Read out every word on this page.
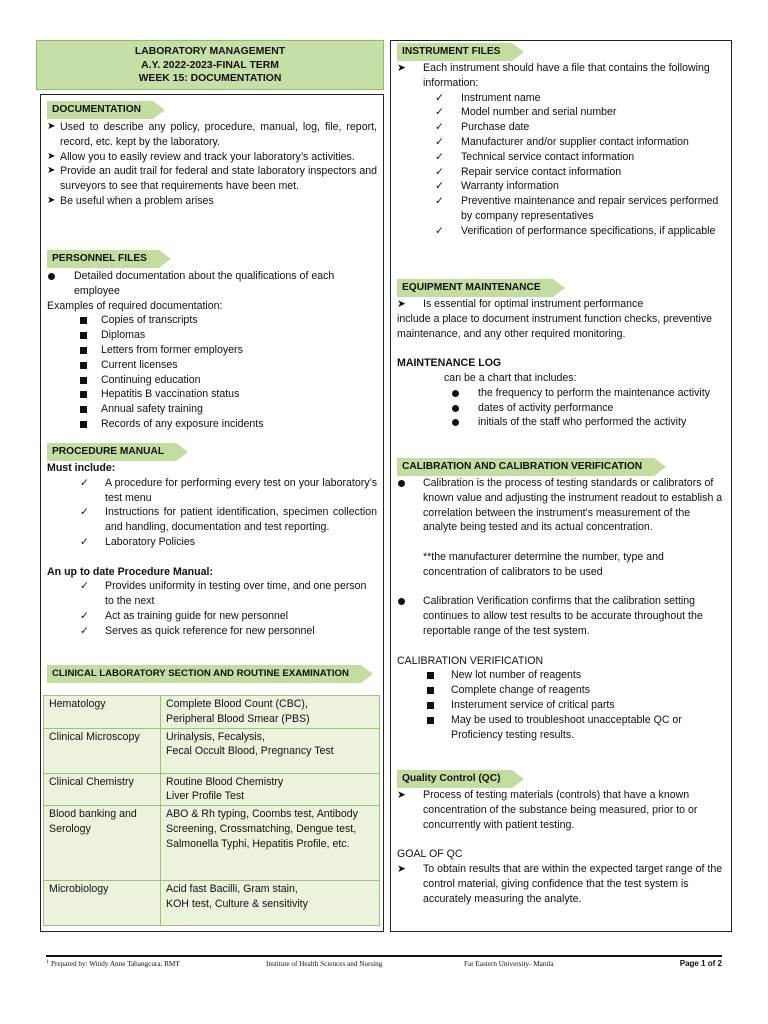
LABORATORY MANAGEMENT
A.Y. 2022-2023-FINAL TERM
WEEK 15: DOCUMENTATION
DOCUMENTATION
➤ Used to describe any policy, procedure, manual, log, file, report, record, etc. kept by the laboratory.
➤ Allow you to easily review and track your laboratory’s activities.
➤ Provide an audit trail for federal and state laboratory inspectors and surveyors to see that requirements have been met.
➤ Be useful when a problem arises
PERSONNEL FILES
Detailed documentation about the qualifications of each employee
Examples of required documentation:
Copies of transcripts
Diplomas
Letters from former employers
Current licenses
Continuing education
Hepatitis B vaccination status
Annual safety training
Records of any exposure incidents
PROCEDURE MANUAL
Must include:
✓ A procedure for performing every test on your laboratory’s test menu
✓ Instructions for patient identification, specimen collection and handling, documentation and test reporting.
✓ Laboratory Policies
An up to date Procedure Manual:
✓ Provides uniformity in testing over time, and one person to the next
✓ Act as training guide for new personnel
✓ Serves as quick reference for new personnel
CLINICAL LABORATORY SECTION AND ROUTINE EXAMINATION
Hematology	Complete Blood Count (CBC),
Peripheral Blood Smear (PBS)
Clinical Microscopy	Urinalysis, Fecalysis,
Fecal Occult Blood, Pregnancy Test
Clinical Chemistry	Routine Blood Chemistry
Liver Profile Test
Blood banking and Serology	ABO & Rh typing, Coombs test, Antibody Screening, Crossmatching, Dengue test, Salmonella Typhi, Hepatitis Profile, etc.
Microbiology	Acid fast Bacilli, Gram stain,
KOH test, Culture & sensitivity
INSTRUMENT FILES
➤ Each instrument should have a file that contains the following information:
✓ Instrument name
✓ Model number and serial number
✓ Purchase date
✓ Manufacturer and/or supplier contact information
✓ Technical service contact information
✓ Repair service contact information
✓ Warranty information
✓ Preventive maintenance and repair services performed by company representatives
✓ Verification of performance specifications, if applicable
EQUIPMENT MAINTENANCE
➤ Is essential for optimal instrument performance
include a place to document instrument function checks, preventive maintenance, and any other required monitoring.
MAINTENANCE LOG
can be a chart that includes:
the frequency to perform the maintenance activity
dates of activity performance
initials of the staff who performed the activity
CALIBRATION AND CALIBRATION VERIFICATION
Calibration is the process of testing standards or calibrators of known value and adjusting the instrument readout to establish a correlation between the instrument’s measurement of the analyte being tested and its actual concentration.
**the manufacturer determine the number, type and concentration of calibrators to be used
Calibration Verification confirms that the calibration setting continues to allow test results to be accurate throughout the reportable range of the test system.
CALIBRATION VERIFICATION
New lot number of reagents
Complete change of reagents
Insterument service of critical parts
May be used to troubleshoot unacceptable QC or Proficiency testing results.
Quality Control (QC)
➤ Process of testing materials (controls) that have a known concentration of the substance being measured, prior to or concurrently with patient testing.
GOAL OF QC
➤ To obtain results that are within the expected target range of the control material, giving confidence that the test system is accurately measuring the analyte.
1 Prepared by: Windy Anne Tabangcura, RMT	Institute of Health Sciences and Nursing	Far Eastern University- Manila	Page 1 of 2
